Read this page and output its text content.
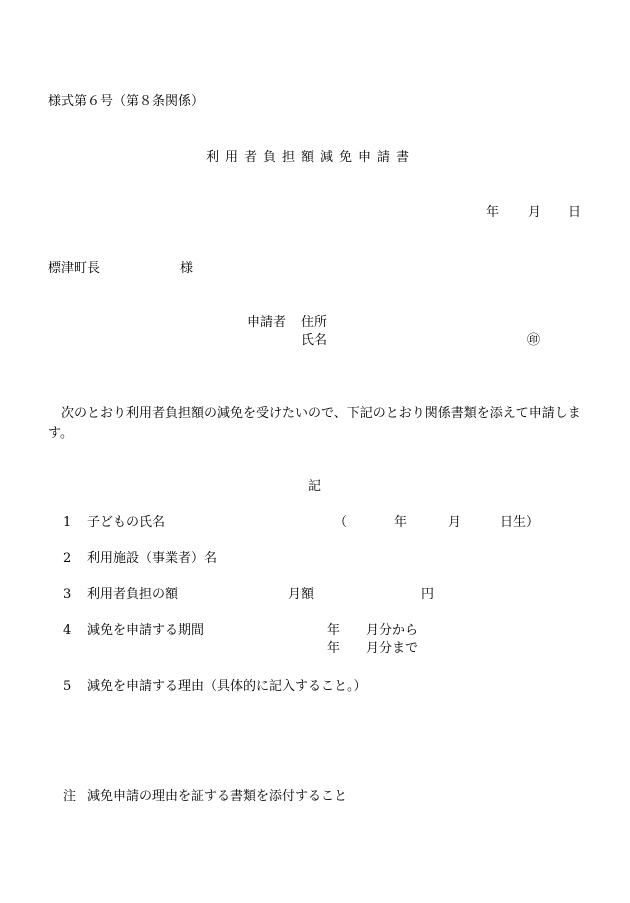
様式第６号（第８条関係）
利用者負担額減免申請書
年 月 日
標津町長	様
申請者 住所
氏名	㊞
次のとおり利用者負担額の減免を受けたいので、下記のとおり関係書類を添えて申請します。
記
1 子どもの氏名	（	年	月	日生）
2 利用施設（事業者）名
3 利用者負担の額	月額	円
4 減免を申請する期間	年 月分から
年 月分まで
5 減免を申請する理由（具体的に記入すること。）
注 減免申請の理由を証する書類を添付すること
